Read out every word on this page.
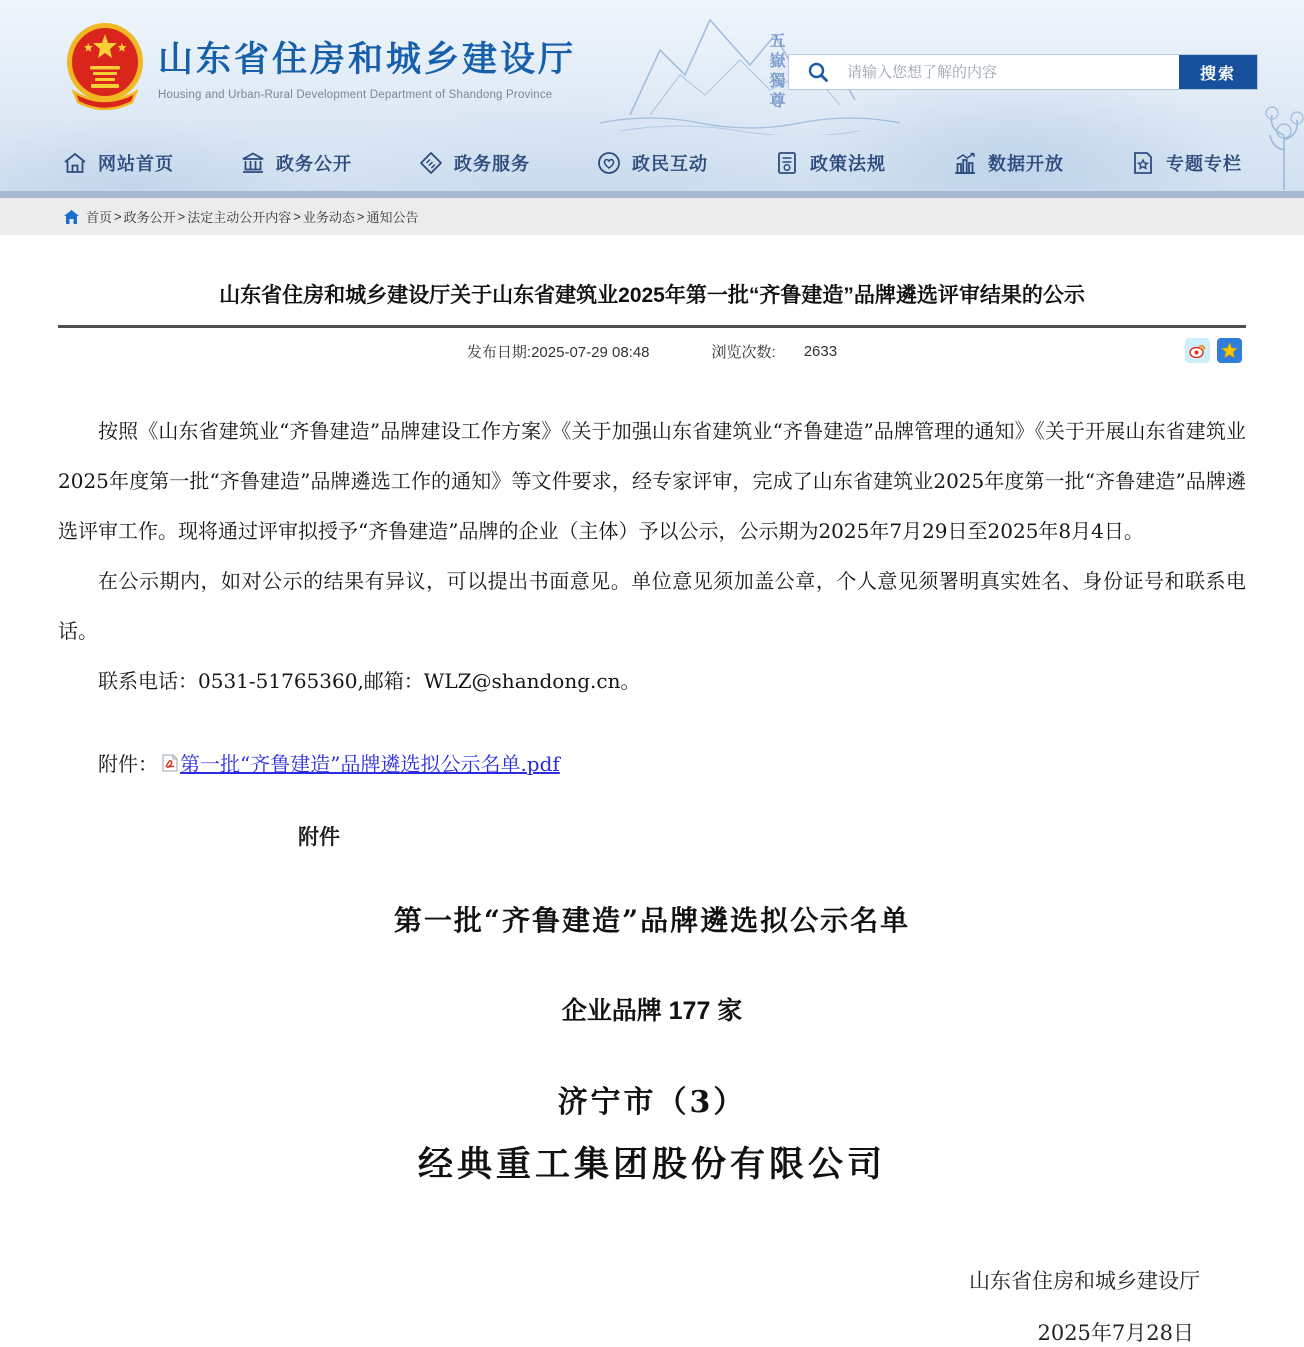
五嶽獨尊
山东省住房和城乡建设厅
Housing and Urban-Rural Development Department of Shandong Province
请输入您想了解的内容
搜索
网站首页	政务公开	政务服务	政民互动	政策法规	数据开放	专题专栏
首页 > 政务公开 > 法定主动公开内容 > 业务动态 > 通知公告
山东省住房和城乡建设厅关于山东省建筑业2025年第一批“齐鲁建造”品牌遴选评审结果的公示
发布日期:2025-07-29 08:48	浏览次数: 2633

按照《山东省建筑业“齐鲁建造”品牌建设工作方案》《关于加强山东省建筑业“齐鲁建造”品牌管理的通知》《关于开展山东省建筑业2025年度第一批“齐鲁建造”品牌遴选工作的通知》等文件要求，经专家评审，完成了山东省建筑业2025年度第一批“齐鲁建造”品牌遴选评审工作。现将通过评审拟授予“齐鲁建造”品牌的企业（主体）予以公示，公示期为2025年7月29日至2025年8月4日。

在公示期内，如对公示的结果有异议，可以提出书面意见。单位意见须加盖公章，个人意见须署明真实姓名、身份证号和联系电话。

联系电话：0531-51765360,邮箱：WLZ@shandong.cn。

附件： 第一批“齐鲁建造”品牌遴选拟公示名单.pdf
附件
第一批“齐鲁建造”品牌遴选拟公示名单
企业品牌 177 家
济宁市（3）
经典重工集团股份有限公司
山东省住房和城乡建设厅
2025年7月28日
